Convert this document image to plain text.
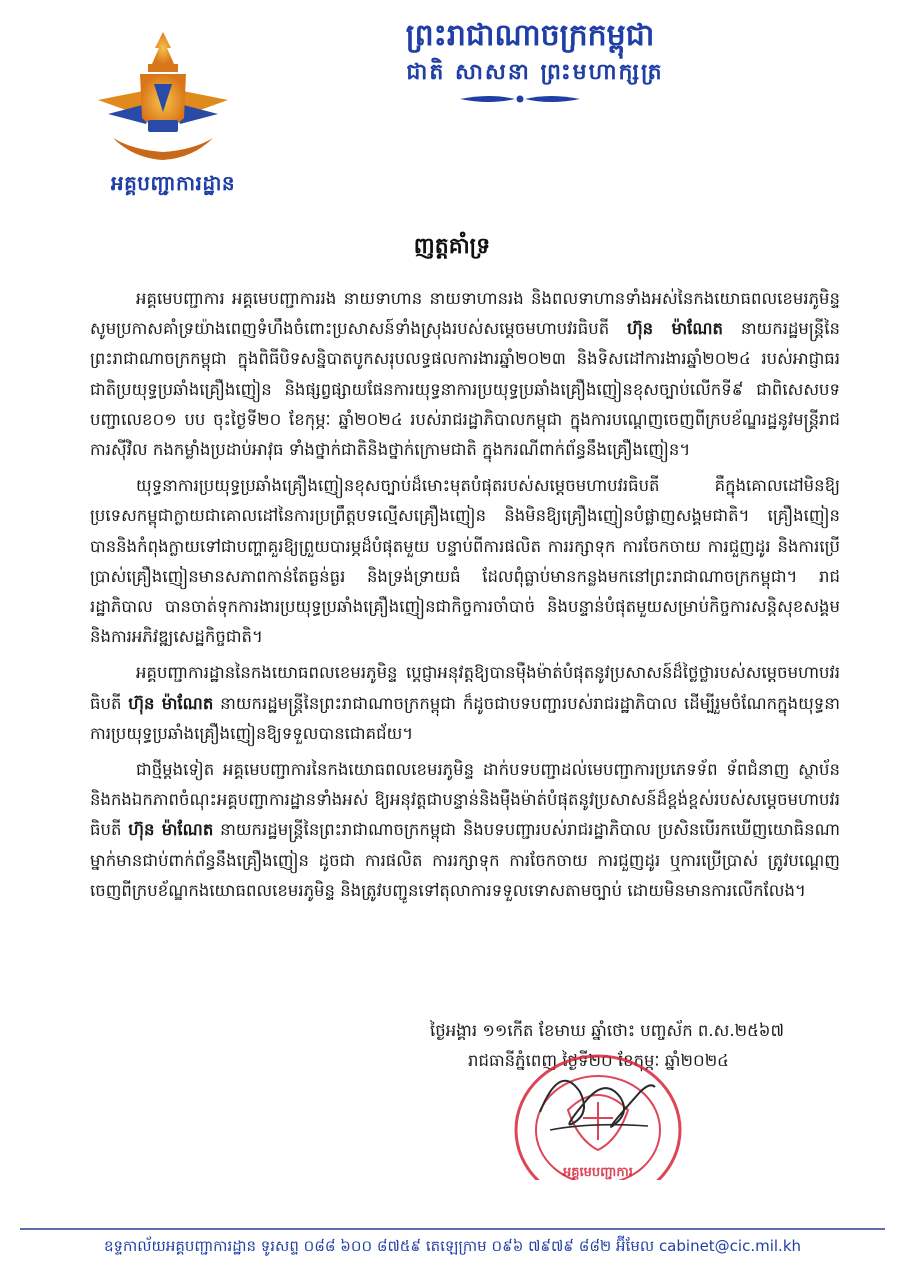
អគ្គបញ្ជាការដ្ឋាន
ព្រះរាជាណាចក្រកម្ពុជា
ជាតិ សាសនា ព្រះមហាក្សត្រ
ញត្តគាំទ្រ

អគ្គមេបញ្ជាការ អគ្គមេបញ្ជាការរង នាយទាហាន នាយទាហានរង និងពលទាហានទាំងអស់នៃកងយោធពលខេមរភូមិន្ទ សូមប្រកាសគាំទ្រយ៉ាងពេញទំហឹងចំពោះប្រសាសន៍ទាំងស្រុងរបស់សម្តេចមហាបវរធិបតី ហ៊ុន ម៉ាណែត នាយករដ្ឋមន្ត្រីនៃព្រះរាជាណាចក្រកម្ពុជា ក្នុងពិធីបិទសន្និបាតបូកសរុបលទ្ធផលការងារឆ្នាំ២០២៣ និងទិសដៅការងារឆ្នាំ២០២៤ របស់អាជ្ញាធរជាតិប្រយុទ្ធប្រឆាំងគ្រឿងញៀន និងផ្សព្វផ្សាយផែនការយុទ្ធនាការប្រយុទ្ធប្រឆាំងគ្រឿងញៀនខុសច្បាប់លើកទី៩ ជាពិសេសបទបញ្ជាលេខ០១ បប ចុះថ្ងៃទី២០ ខែកុម្ភៈ ឆ្នាំ២០២៤ របស់រាជរដ្ឋាភិបាលកម្ពុជា ក្នុងការបណ្តេញចេញពីក្របខ័ណ្ឌរដ្ឋនូវមន្ត្រីរាជការស៊ីវិល កងកម្លាំងប្រដាប់អាវុធ ទាំងថ្នាក់ជាតិនិងថ្នាក់ក្រោមជាតិ ក្នុងករណីពាក់ព័ន្ធនឹងគ្រឿងញៀន។

យុទ្ធនាការប្រយុទ្ធប្រឆាំងគ្រឿងញៀនខុសច្បាប់ដ៏មោះមុតបំផុតរបស់សម្តេចមហាបវរធិបតី គឺក្នុងគោលដៅមិនឱ្យប្រទេសកម្ពុជាក្លាយជាគោលដៅនៃការប្រព្រឹត្តបទល្មើសគ្រឿងញៀន និងមិនឱ្យគ្រឿងញៀនបំផ្លាញសង្គមជាតិ។ គ្រឿងញៀន បាននិងកំពុងក្លាយទៅជាបញ្ហាគួរឱ្យព្រួយបារម្ភដ៏បំផុតមួយ បន្ទាប់ពីការផលិត ការរក្សាទុក ការចែកចាយ ការជួញដូរ និងការប្រើប្រាស់គ្រឿងញៀនមានសភាពកាន់តែធ្ងន់ធ្ងរ និងទ្រង់ទ្រាយធំ ដែលពុំធ្លាប់មានកន្លងមកនៅព្រះរាជាណាចក្រកម្ពុជា។ រាជរដ្ឋាភិបាល បានចាត់ទុកការងារប្រយុទ្ធប្រឆាំងគ្រឿងញៀនជាកិច្ចការចាំបាច់ និងបន្ទាន់បំផុតមួយសម្រាប់កិច្ចការសន្តិសុខសង្គម និងការអភិវឌ្ឍសេដ្ឋកិច្ចជាតិ។

អគ្គបញ្ជាការដ្ឋាននៃកងយោធពលខេមរភូមិន្ទ ប្តេជ្ញាអនុវត្តឱ្យបានម៉ឺងម៉ាត់បំផុតនូវប្រសាសន៍ដ៏ថ្លៃថ្លារបស់សម្តេចមហាបវរធិបតី ហ៊ុន ម៉ាណែត នាយករដ្ឋមន្ត្រីនៃព្រះរាជាណាចក្រកម្ពុជា ក៏ដូចជាបទបញ្ជារបស់រាជរដ្ឋាភិបាល ដើម្បីរួមចំណែកក្នុងយុទ្ធនាការប្រយុទ្ធប្រឆាំងគ្រឿងញៀនឱ្យទទួលបានជោគជ័យ។

ជាថ្មីម្តងទៀត អគ្គមេបញ្ជាការនៃកងយោធពលខេមរភូមិន្ទ ដាក់បទបញ្ជាដល់មេបញ្ជាការប្រភេទទ័ព ទ័ពជំនាញ ស្ថាប័ននិងកងឯកភាពចំណុះអគ្គបញ្ជាការដ្ឋានទាំងអស់ ឱ្យអនុវត្តជាបន្ទាន់និងម៉ឺងម៉ាត់បំផុតនូវប្រសាសន៍ដ៏ខ្ពង់ខ្ពស់របស់សម្តេចមហាបវរធិបតី ហ៊ុន ម៉ាណែត នាយករដ្ឋមន្ត្រីនៃព្រះរាជាណាចក្រកម្ពុជា និងបទបញ្ជារបស់រាជរដ្ឋាភិបាល ប្រសិនបើរកឃើញយោធិនណាម្នាក់មានជាប់ពាក់ព័ន្ធនឹងគ្រឿងញៀន ដូចជា ការផលិត ការរក្សាទុក ការចែកចាយ ការជួញដូរ ឬការប្រើប្រាស់ ត្រូវបណ្តេញចេញពីក្របខ័ណ្ឌកងយោធពលខេមរភូមិន្ទ និងត្រូវបញ្ជូនទៅតុលាការទទួលទោសតាមច្បាប់ ដោយមិនមានការលើកលែង។

ថ្ងៃអង្គារ ១១កើត ខែមាឃ ឆ្នាំថោះ បញ្ចស័ក ព.ស.២៥៦៧
រាជធានីភ្នំពេញ ថ្ងៃទី២០ ខែកុម្ភៈ ឆ្នាំ២០២៤
អគ្គមេបញ្ជាការ
ឧទ្ទកាល័យអគ្គបញ្ជាការដ្ឋាន ទូរសព្ទ ០៨៨ ៦០០ ៨៧៥៩ តេឡេក្រាម ០៩៦ ៧៩៧៩ ៨៨២ អ៊ីមែល cabinet@cic.mil.kh
